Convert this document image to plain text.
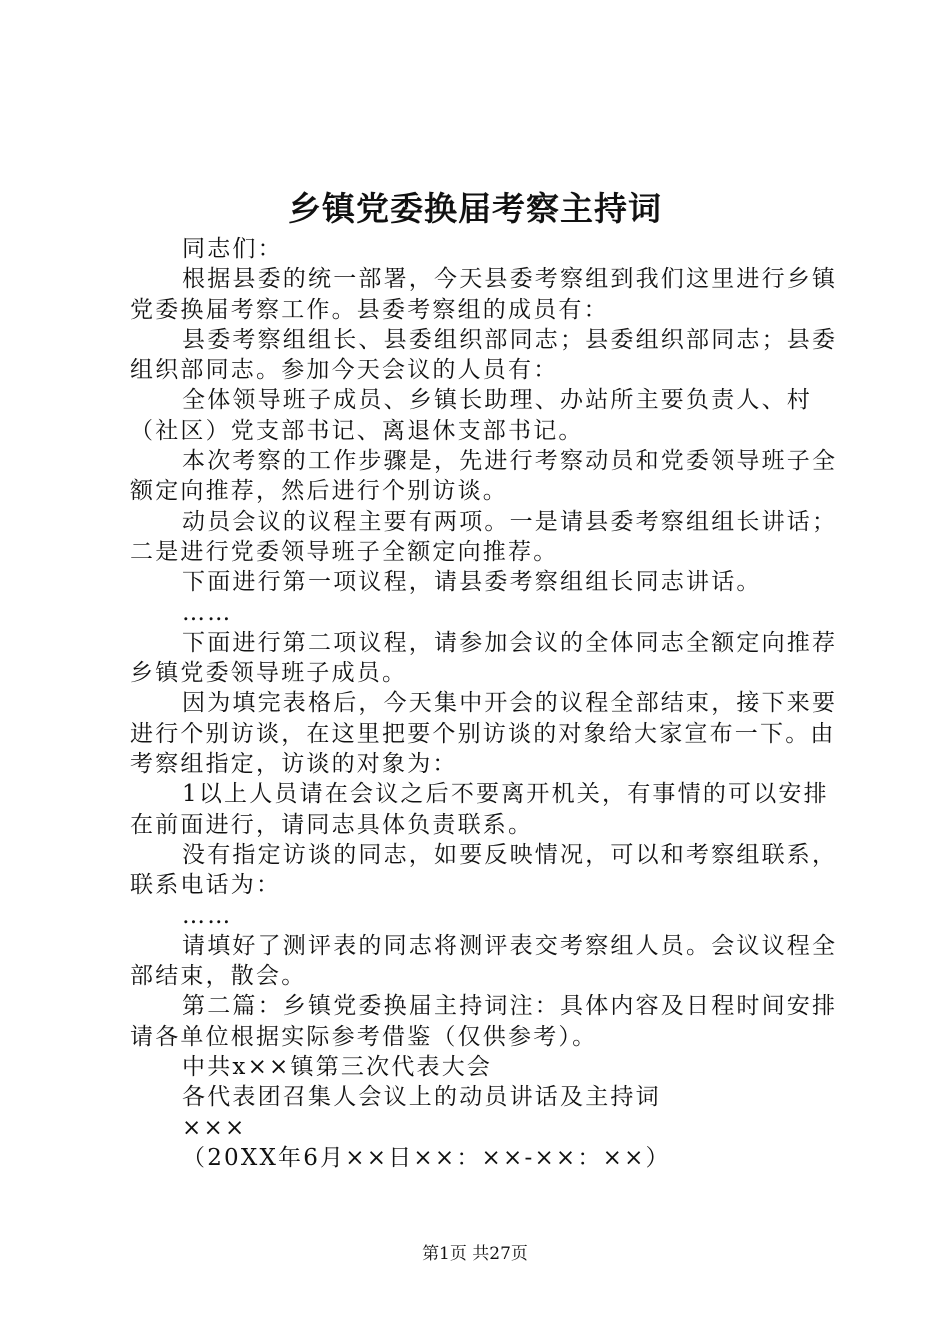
乡镇党委换届考察主持词

同志们：

根据县委的统一部署，今天县委考察组到我们这里进行乡镇党委换届考察工作。县委考察组的成员有：

县委考察组组长、县委组织部同志；县委组织部同志；县委组织部同志。参加今天会议的人员有：

全体领导班子成员、乡镇长助理、办站所主要负责人、村（社区）党支部书记、离退休支部书记。

本次考察的工作步骤是，先进行考察动员和党委领导班子全额定向推荐，然后进行个别访谈。

动员会议的议程主要有两项。一是请县委考察组组长讲话；二是进行党委领导班子全额定向推荐。

下面进行第一项议程，请县委考察组组长同志讲话。

……

下面进行第二项议程，请参加会议的全体同志全额定向推荐乡镇党委领导班子成员。

因为填完表格后，今天集中开会的议程全部结束，接下来要进行个别访谈，在这里把要个别访谈的对象给大家宣布一下。由考察组指定，访谈的对象为：

1以上人员请在会议之后不要离开机关，有事情的可以安排在前面进行，请同志具体负责联系。

没有指定访谈的同志，如要反映情况，可以和考察组联系，联系电话为：

……

请填好了测评表的同志将测评表交考察组人员。会议议程全部结束，散会。

第二篇：乡镇党委换届主持词注：具体内容及日程时间安排请各单位根据实际参考借鉴（仅供参考）。

中共x××镇第三次代表大会

各代表团召集人会议上的动员讲话及主持词

×××

（20XX年6月××日××：××-××：××）

第1页 共27页
